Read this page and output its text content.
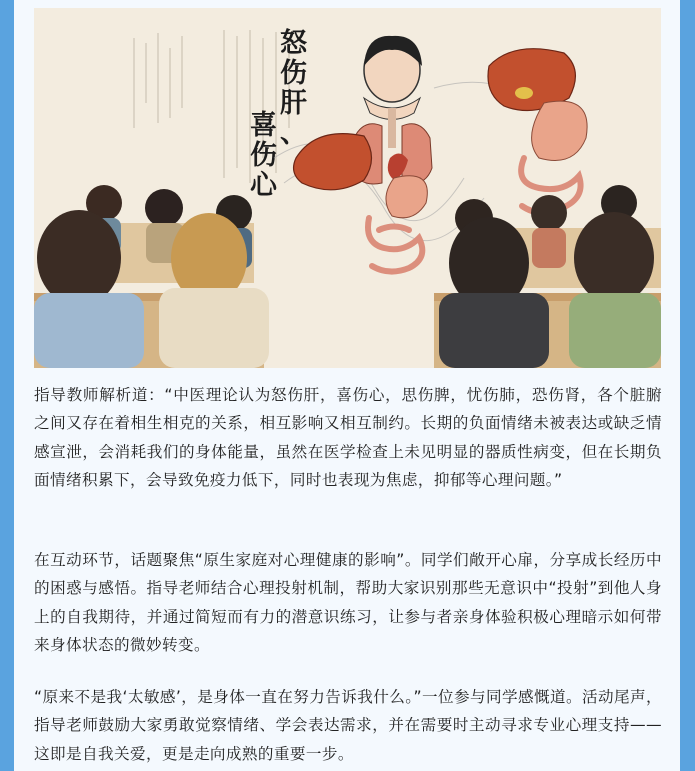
怒伤肝、
喜伤心

指导教师解析道：“中医理论认为怒伤肝，喜伤心，思伤脾，忧伤肺，恐伤肾，各个脏腑之间又存在着相生相克的关系，相互影响又相互制约。长期的负面情绪未被表达或缺乏情感宣泄，会消耗我们的身体能量，虽然在医学检查上未见明显的器质性病变，但在长期负面情绪积累下，会导致免疫力低下，同时也表现为焦虑，抑郁等心理问题。”

在互动环节，话题聚焦“原生家庭对心理健康的影响”。同学们敞开心扉，分享成长经历中的困惑与感悟。指导老师结合心理投射机制，帮助大家识别那些无意识中“投射”到他人身上的自我期待，并通过简短而有力的潜意识练习，让参与者亲身体验积极心理暗示如何带来身体状态的微妙转变。

“原来不是我‘太敏感’，是身体一直在努力告诉我什么。”一位参与同学感慨道。活动尾声，指导老师鼓励大家勇敢觉察情绪、学会表达需求，并在需要时主动寻求专业心理支持——这即是自我关爱，更是走向成熟的重要一步。
